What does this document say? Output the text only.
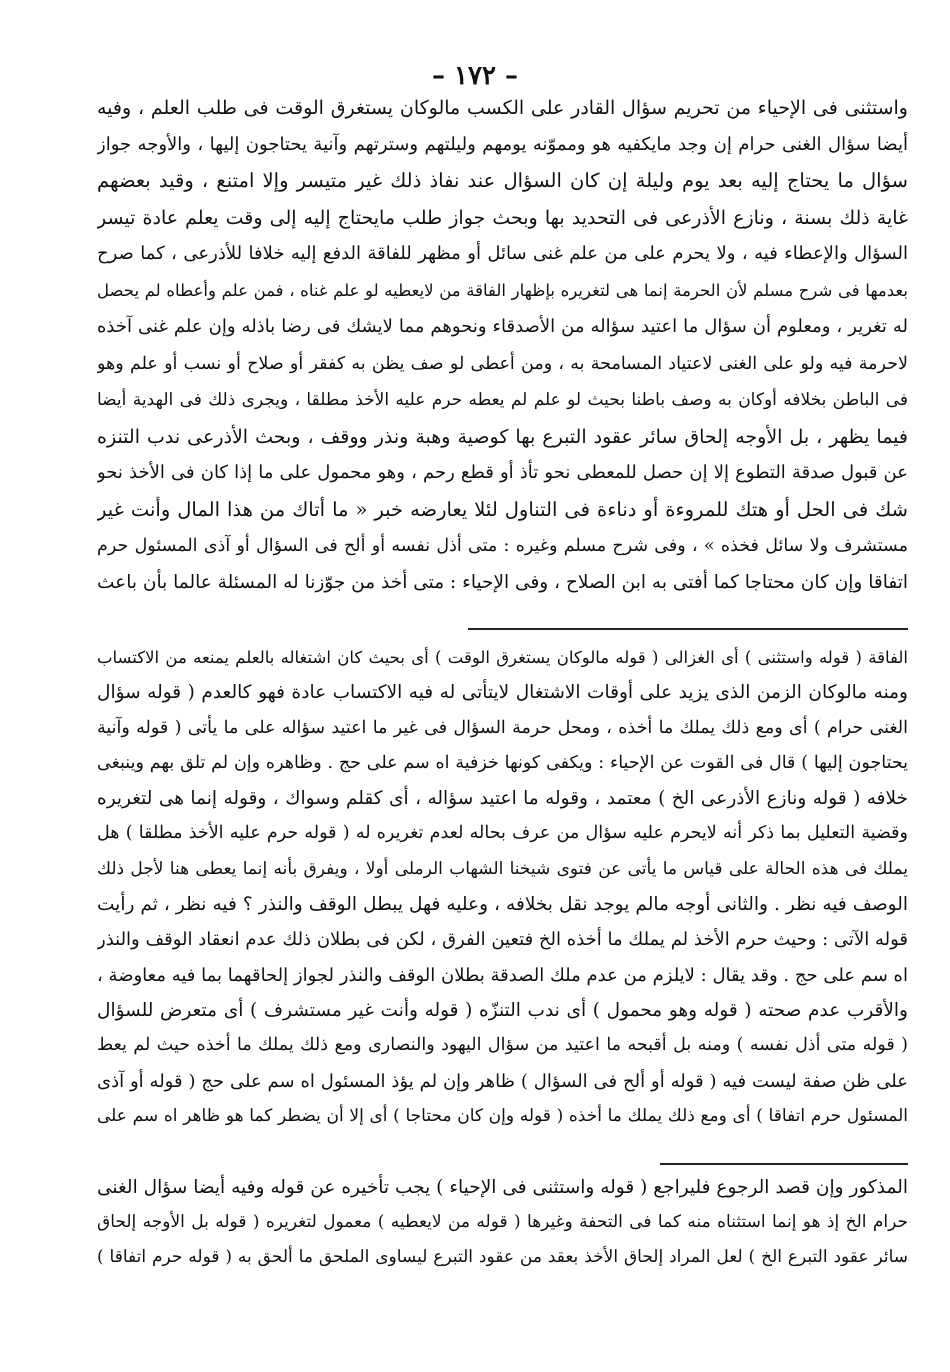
– ١٧٢ –
واستثنى فى الإحياء من تحريم سؤال القادر على الكسب مالوكان يستغرق الوقت فى طلب العلم ، وفيه
أيضا سؤال الغنى حرام إن وجد مايكفيه هو ومموّنه يومهم وليلتهم وسترتهم وآنية يحتاجون إليها ، والأوجه جواز
سؤال ما يحتاج إليه بعد يوم وليلة إن كان السؤال عند نفاذ ذلك غير متيسر وإلا امتنع ، وقيد بعضهم
غاية ذلك بسنة ، ونازع الأذرعى فى التحديد بها وبحث جواز طلب مايحتاج إليه إلى وقت يعلم عادة تيسر
السؤال والإعطاء فيه ، ولا يحرم على من علم غنى سائل أو مظهر للفاقة الدفع إليه خلافا للأذرعى ، كما صرح
بعدمها فى شرح مسلم لأن الحرمة إنما هى لتغريره بإظهار الفاقة من لايعطيه لو علم غناه ، فمن علم وأعطاه لم يحصل
له تغرير ، ومعلوم أن سؤال ما اعتيد سؤاله من الأصدقاء ونحوهم مما لايشك فى رضا باذله وإن علم غنى آخذه
لاحرمة فيه ولو على الغنى لاعتياد المسامحة به ، ومن أعطى لو صف يظن به كفقر أو صلاح أو نسب أو علم وهو
فى الباطن بخلافه أوكان به وصف باطنا بحيث لو علم لم يعطه حرم عليه الأخذ مطلقا ، ويجرى ذلك فى الهدية أيضا
فيما يظهر ، بل الأوجه إلحاق سائر عقود التبرع بها كوصية وهبة ونذر ووقف ، وبحث الأذرعى ندب التنزه
عن قبول صدقة التطوع إلا إن حصل للمعطى نحو تأذ أو قطع رحم ، وهو محمول على ما إذا كان فى الأخذ نحو
شك فى الحل أو هتك للمروءة أو دناءة فى التناول لئلا يعارضه خبر « ما أتاك من هذا المال وأنت غير
مستشرف ولا سائل فخذه » ، وفى شرح مسلم وغيره : متى أذل نفسه أو ألح فى السؤال أو آذى المسئول حرم
اتفاقا وإن كان محتاجا كما أفتى به ابن الصلاح ، وفى الإحياء : متى أخذ من جوّزنا له المسئلة عالما بأن باعث
الفاقة ( قوله واستثنى ) أى الغزالى ( قوله مالوكان يستغرق الوقت ) أى بحيث كان اشتغاله بالعلم يمنعه من الاكتساب
ومنه مالوكان الزمن الذى يزيد على أوقات الاشتغال لايتأتى له فيه الاكتساب عادة فهو كالعدم ( قوله سؤال
الغنى حرام ) أى ومع ذلك يملك ما أخذه ، ومحل حرمة السؤال فى غير ما اعتيد سؤاله على ما يأتى ( قوله وآنية
يحتاجون إليها ) قال فى القوت عن الإحياء : ويكفى كونها خزفية اه سم على حج . وظاهره وإن لم تلق بهم وينبغى
خلافه ( قوله ونازع الأذرعى الخ ) معتمد ، وقوله ما اعتيد سؤاله ، أى كقلم وسواك ، وقوله إنما هى لتغريره
وقضية التعليل بما ذكر أنه لايحرم عليه سؤال من عرف بحاله لعدم تغريره له ( قوله حرم عليه الأخذ مطلقا ) هل
يملك فى هذه الحالة على قياس ما يأتى عن فتوى شيخنا الشهاب الرملى أولا ، ويفرق بأنه إنما يعطى هنا لأجل ذلك
الوصف فيه نظر . والثانى أوجه مالم يوجد نقل بخلافه ، وعليه فهل يبطل الوقف والنذر ؟ فيه نظر ، ثم رأيت
قوله الآتى : وحيث حرم الأخذ لم يملك ما أخذه الخ فتعين الفرق ، لكن فى بطلان ذلك عدم انعقاد الوقف والنذر
اه سم على حج . وقد يقال : لايلزم من عدم ملك الصدقة بطلان الوقف والنذر لجواز إلحاقهما بما فيه معاوضة ،
والأقرب عدم صحته ( قوله وهو محمول ) أى ندب التنزّه ( قوله وأنت غير مستشرف ) أى متعرض للسؤال
( قوله متى أذل نفسه ) ومنه بل أقبحه ما اعتيد من سؤال اليهود والنصارى ومع ذلك يملك ما أخذه حيث لم يعط
على ظن صفة ليست فيه ( قوله أو ألح فى السؤال ) ظاهر وإن لم يؤذ المسئول اه سم على حج ( قوله أو آذى
المسئول حرم اتفاقا ) أى ومع ذلك يملك ما أخذه ( قوله وإن كان محتاجا ) أى إلا أن يضطر كما هو ظاهر اه سم على
المذكور وإن قصد الرجوع فليراجع ( قوله واستثنى فى الإحياء ) يجب تأخيره عن قوله وفيه أيضا سؤال الغنى
حرام الخ إذ هو إنما استثناه منه كما فى التحفة وغيرها ( قوله من لايعطيه ) معمول لتغريره ( قوله بل الأوجه إلحاق
سائر عقود التبرع الخ ) لعل المراد إلحاق الأخذ بعقد من عقود التبرع ليساوى الملحق ما ألحق به ( قوله حرم اتفاقا )
